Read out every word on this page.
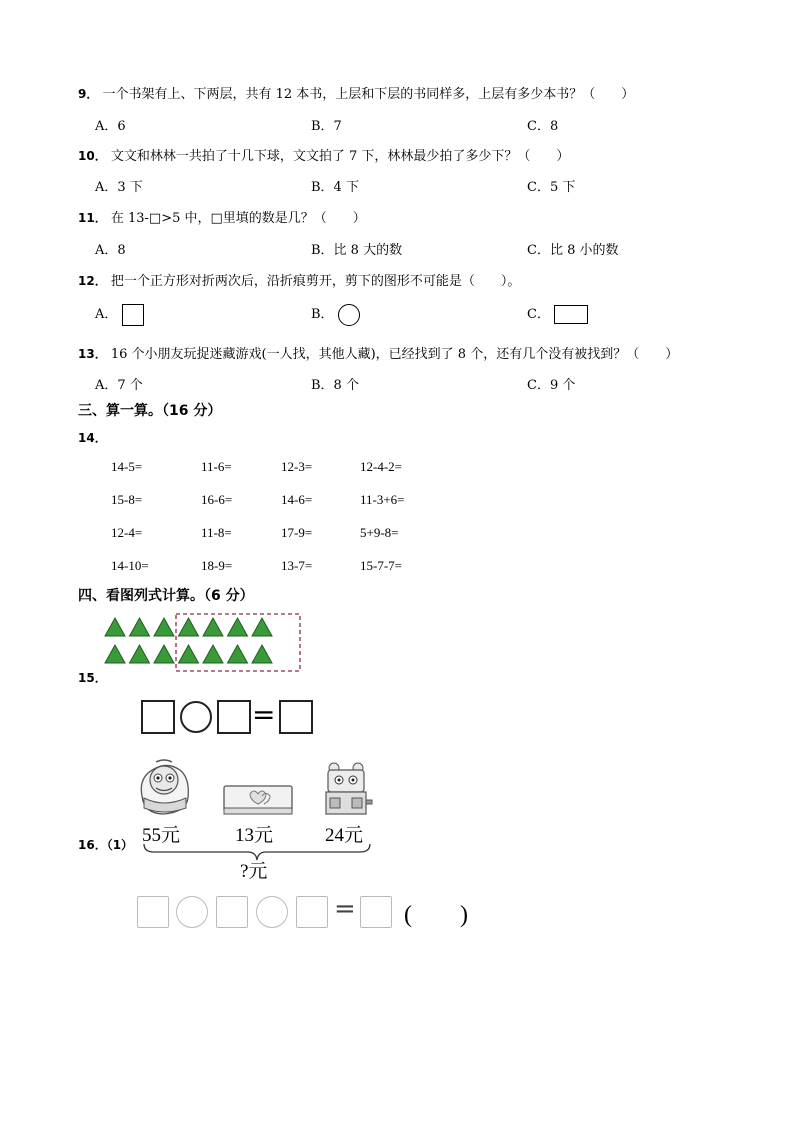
9． 一个书架有上、下两层，共有 12 本书，上层和下层的书同样多，上层有多少本书？（　　）
A．6	B．7	C．8
10． 文文和林林一共拍了十几下球，文文拍了 7 下，林林最少拍了多少下？（　　）
A．3 下	B．4 下	C．5 下
11． 在 13-□>5 中，□里填的数是几？（　　）
A．8	B．比 8 大的数	C．比 8 小的数
12． 把一个正方形对折两次后，沿折痕剪开，剪下的图形不可能是（　　）。
A．	B．	C．
13． 16 个小朋友玩捉迷藏游戏(一人找，其他人藏)，已经找到了 8 个，还有几个没有被找到？（　　）
A．7 个	B．8 个	C．9 个
三、算一算。（16 分）
14．
14-5=	11-6=	12-3=	12-4-2=
15-8=	16-6=	14-6=	11-3+6=
12-4=	11-8=	17-9=	5+9-8=
14-10=	18-9=	13-7=	15-7-7=
四、看图列式计算。（6 分）
15．
=
55元	13元	24元
16．（1）
?元
= (　　)
